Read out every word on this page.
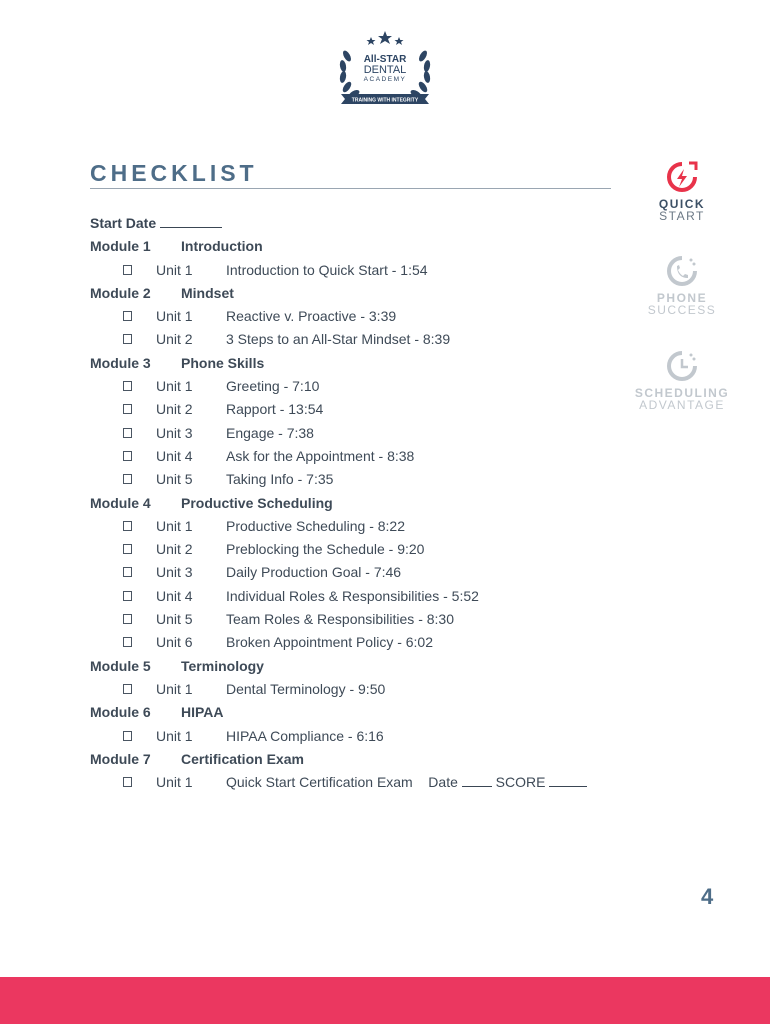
All-STAR
DENTAL
ACADEMY
TRAINING WITH INTEGRITY
CHECKLIST
QUICK
START
PHONE
SUCCESS
SCHEDULING
ADVANTAGE
Start Date
Module 1 Introduction
Unit 1 Introduction to Quick Start - 1:54
Module 2 Mindset
Unit 1 Reactive v. Proactive - 3:39
Unit 2 3 Steps to an All-Star Mindset - 8:39
Module 3 Phone Skills
Unit 1 Greeting - 7:10
Unit 2 Rapport - 13:54
Unit 3 Engage - 7:38
Unit 4 Ask for the Appointment - 8:38
Unit 5 Taking Info - 7:35
Module 4 Productive Scheduling
Unit 1 Productive Scheduling - 8:22
Unit 2 Preblocking the Schedule - 9:20
Unit 3 Daily Production Goal - 7:46
Unit 4 Individual Roles & Responsibilities - 5:52
Unit 5 Team Roles & Responsibilities - 8:30
Unit 6 Broken Appointment Policy - 6:02
Module 5 Terminology
Unit 1 Dental Terminology - 9:50
Module 6 HIPAA
Unit 1 HIPAA Compliance - 6:16
Module 7 Certification Exam
Unit 1 Quick Start Certification Exam Date	SCORE
4
